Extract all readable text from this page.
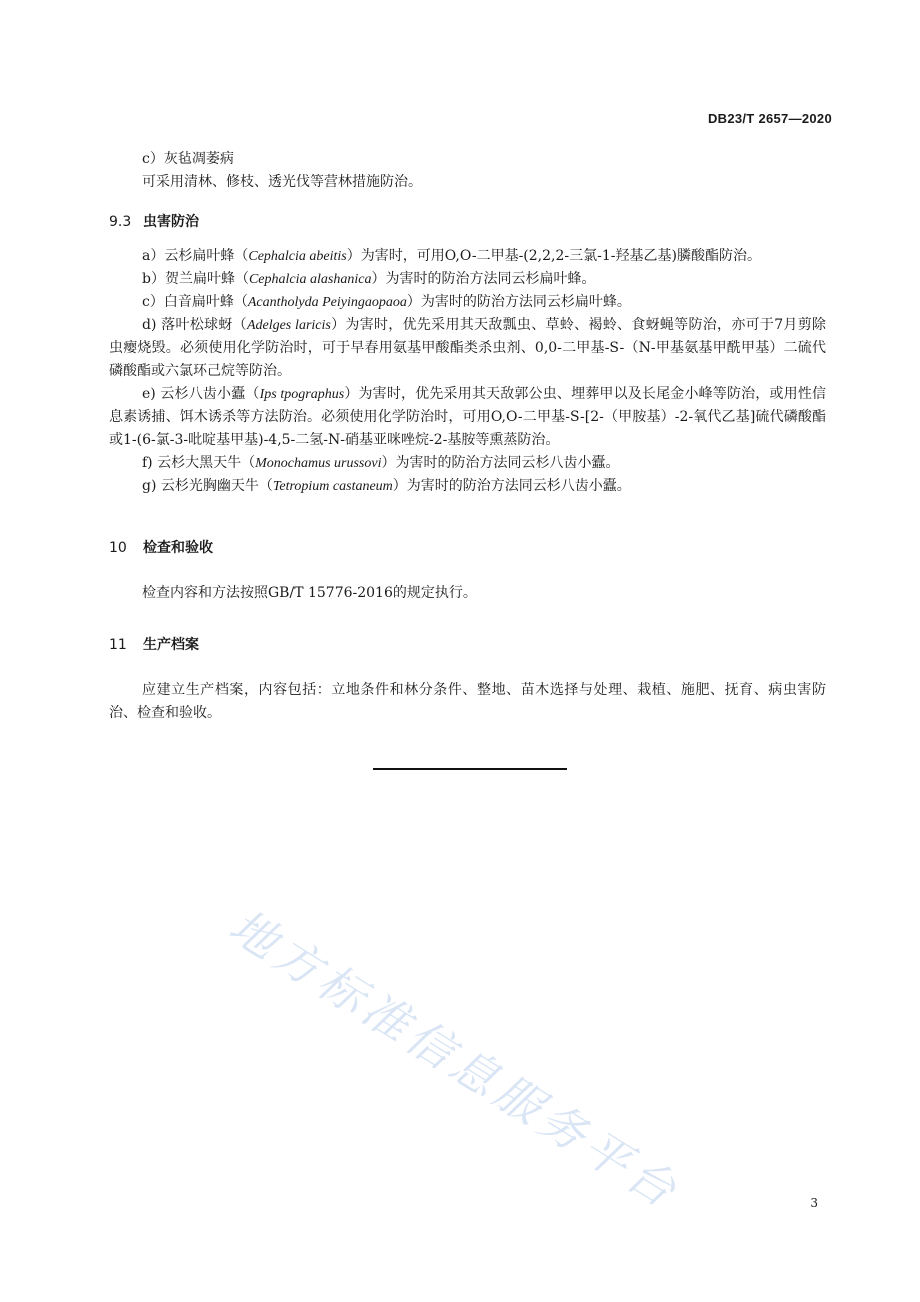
DB23/T 2657—2020

c）灰毡凋萎病

可采用清林、修枝、透光伐等营林措施防治。

9.3 虫害防治

a）云杉扁叶蜂（Cephalcia abeitis）为害时，可用O,O-二甲基-(2,2,2-三氯-1-羟基乙基)膦酸酯防治。

b）贺兰扁叶蜂（Cephalcia alashanica）为害时的防治方法同云杉扁叶蜂。

c）白音扁叶蜂（Acantholyda Peiyingaopaoa）为害时的防治方法同云杉扁叶蜂。

d) 落叶松球蚜（Adelges laricis）为害时，优先采用其天敌瓢虫、草蛉、褐蛉、食蚜蝇等防治，亦可于7月剪除虫瘿烧毁。必须使用化学防治时，可于早春用氨基甲酸酯类杀虫剂、0,0-二甲基-S-（N-甲基氨基甲酰甲基）二硫代磷酸酯或六氯环己烷等防治。

e) 云杉八齿小蠹（Ips tpographus）为害时，优先采用其天敌郭公虫、埋葬甲以及长尾金小峰等防治，或用性信息素诱捕、饵木诱杀等方法防治。必须使用化学防治时，可用O,O-二甲基-S-[2-（甲胺基）-2-氧代乙基]硫代磷酸酯或1-(6-氯-3-吡啶基甲基)-4,5-二氢-N-硝基亚咪唑烷-2-基胺等熏蒸防治。

f) 云杉大黑天牛（Monochamus urussovi）为害时的防治方法同云杉八齿小蠹。

g) 云杉光胸幽天牛（Tetropium castaneum）为害时的防治方法同云杉八齿小蠹。

10 检查和验收

检查内容和方法按照GB/T 15776-2016的规定执行。

11 生产档案

应建立生产档案，内容包括：立地条件和林分条件、整地、苗木选择与处理、栽植、施肥、抚育、病虫害防治、检查和验收。

地方标准信息服务平台	3
